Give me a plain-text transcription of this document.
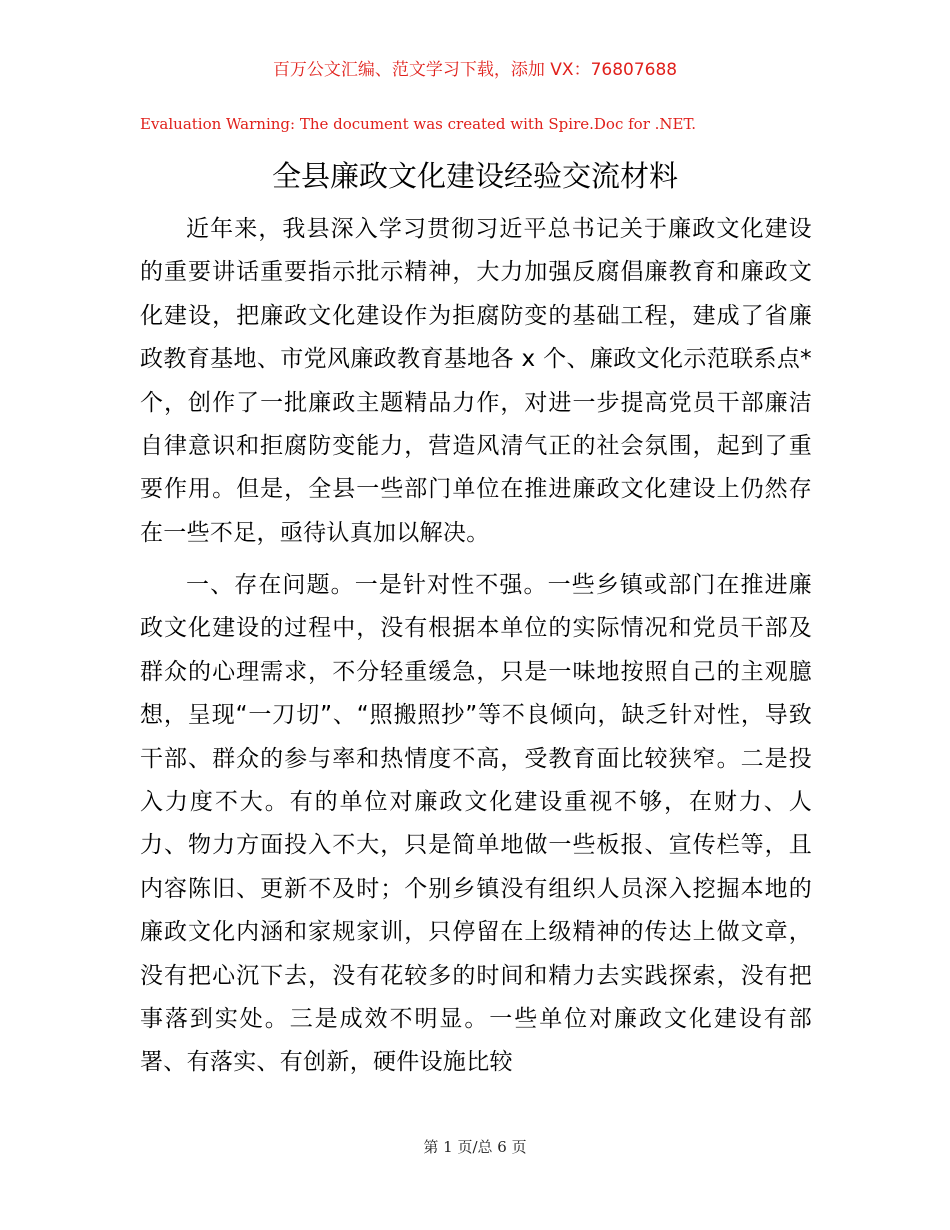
百万公文汇编、范文学习下载，添加 VX：76807688
Evaluation Warning: The document was created with Spire.Doc for .NET.
全县廉政文化建设经验交流材料

近年来，我县深入学习贯彻习近平总书记关于廉政文化建设的重要讲话重要指示批示精神，大力加强反腐倡廉教育和廉政文化建设，把廉政文化建设作为拒腐防变的基础工程，建成了省廉政教育基地、市党风廉政教育基地各 x 个、廉政文化示范联系点*个，创作了一批廉政主题精品力作，对进一步提高党员干部廉洁自律意识和拒腐防变能力，营造风清气正的社会氛围，起到了重要作用。但是，全县一些部门单位在推进廉政文化建设上仍然存在一些不足，亟待认真加以解决。

一、存在问题。一是针对性不强。一些乡镇或部门在推进廉政文化建设的过程中，没有根据本单位的实际情况和党员干部及群众的心理需求，不分轻重缓急，只是一味地按照自己的主观臆想，呈现“一刀切”、“照搬照抄”等不良倾向，缺乏针对性，导致干部、群众的参与率和热情度不高，受教育面比较狭窄。二是投入力度不大。有的单位对廉政文化建设重视不够，在财力、人力、物力方面投入不大，只是简单地做一些板报、宣传栏等，且内容陈旧、更新不及时；个别乡镇没有组织人员深入挖掘本地的廉政文化内涵和家规家训，只停留在上级精神的传达上做文章，没有把心沉下去，没有花较多的时间和精力去实践探索，没有把事落到实处。三是成效不明显。一些单位对廉政文化建设有部署、有落实、有创新，硬件设施比较

第 1 页/总 6 页
